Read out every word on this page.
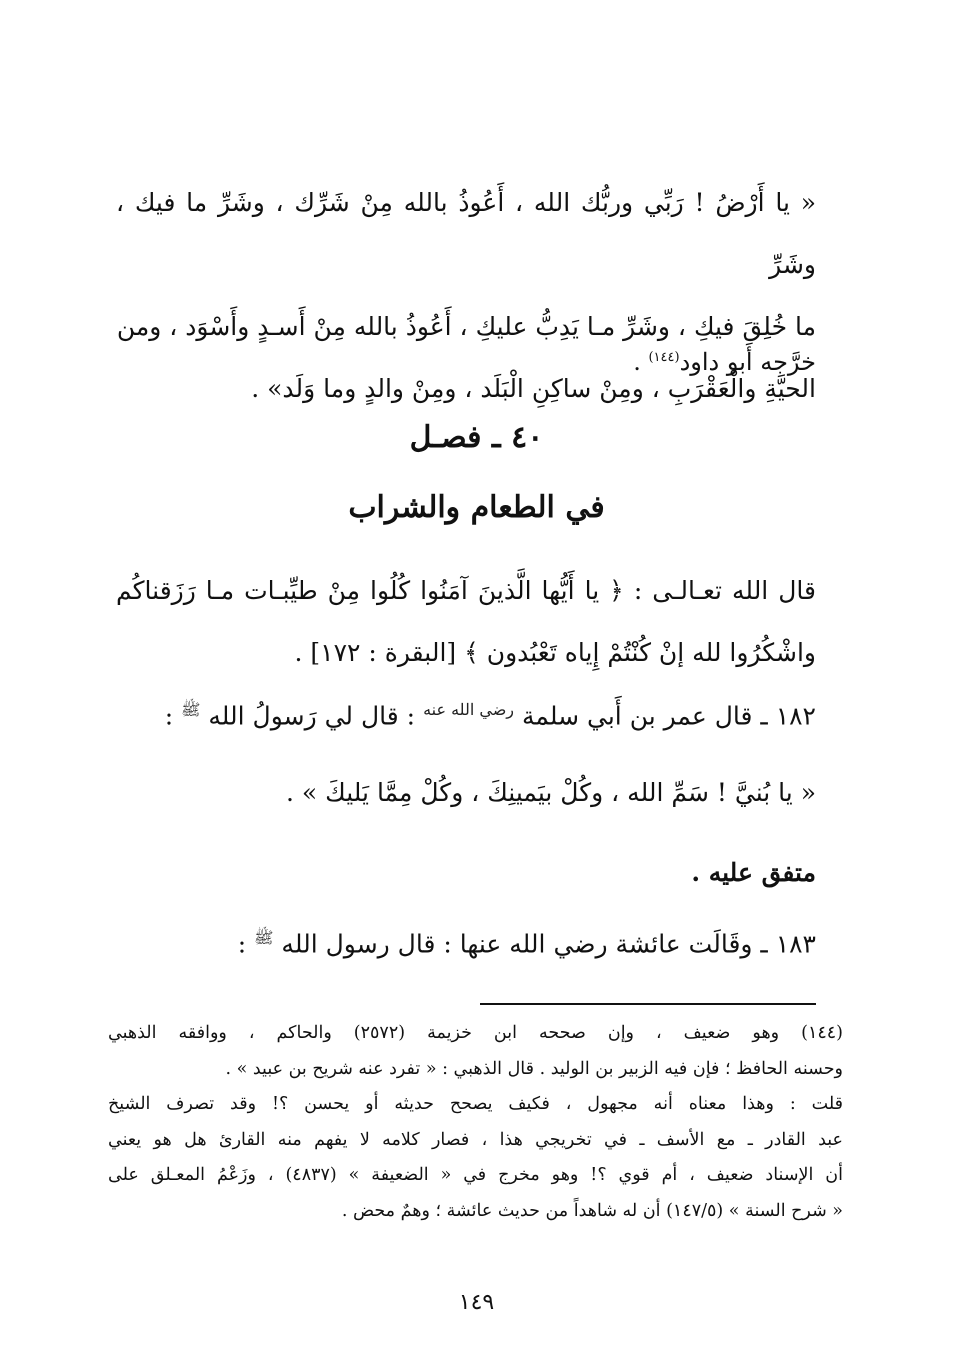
« يا أَرْضُ ! رَبِّي وربُّك الله ، أَعُوذُ بالله مِنْ شَرِّك ، وشَرِّ ما فيك ، وشَرِّ

ما خُلِقَ فيكِ ، وشَرِّ مـا يَدِبُّ عليكِ ، أَعُوذُ بالله مِنْ أَسـدٍ وأَسْوَد ، ومن

الحيَّةِ والْعَقْرَبِ ، ومِنْ ساكِنِ الْبَلَد ، ومِنْ والدٍ وما وَلَد» .

خرَّجه أَبو داود$^{(١٤٤)}$ .
٤٠ ـ فصـل
في الطعام والشراب
قال الله تعـالـى : ﴿ يا أَيُّها الَّذينَ آمَنُوا كُلُوا مِنْ طيِّبـات مـا رَزَقناكُم
واشْكُرُوا لله إنْ كُنْتُمْ إِياه تَعْبُدون ﴾ [البقرة : ١٧٢] .
١٨٢ ـ قال عمر بن أَبي سلمة $^{رضي الله عنه}$ : قال لي رَسولُ الله $^ﷺ$ :
« يا بُنيَّ ! سَمِّ الله ، وكُلْ بيَمينِكَ ، وكُلْ مِمَّا يَليكَ » .
متفق عليه .
١٨٣ ـ وقَالَت عائشة رضي الله عنها : قال رسول الله $^ﷺ$ :

(١٤٤) وهو ضعيف ، وإن صححه ابن خزيمة (٢٥٧٢) والحاكم ، ووافقه الذهبي

وحسنه الحافظ ؛ فإن فيه الزبير بن الوليد . قال الذهبي : « تفرد عنه شريح بن عبيد » .

قلت : وهذا معناه أنه مجهول ، فكيف يصحح حديثه أو يحسن ؟! وقد تصرف الشيخ

عبد القادر ـ مع الأسف ـ في تخريجي هذا ، فصار كلامه لا يفهم منه القارئ هل هو يعني

أن الإسناد ضعيف ، أم قوي ؟! وهو مخرج في « الضعيفة » (٤٨٣٧) ، وزَعْمُ المعـلق على

« شرح السنة » (١٤٧/٥) أن له شاهداً من حديث عائشة ؛ وهمٌ محض .

١٤٩
